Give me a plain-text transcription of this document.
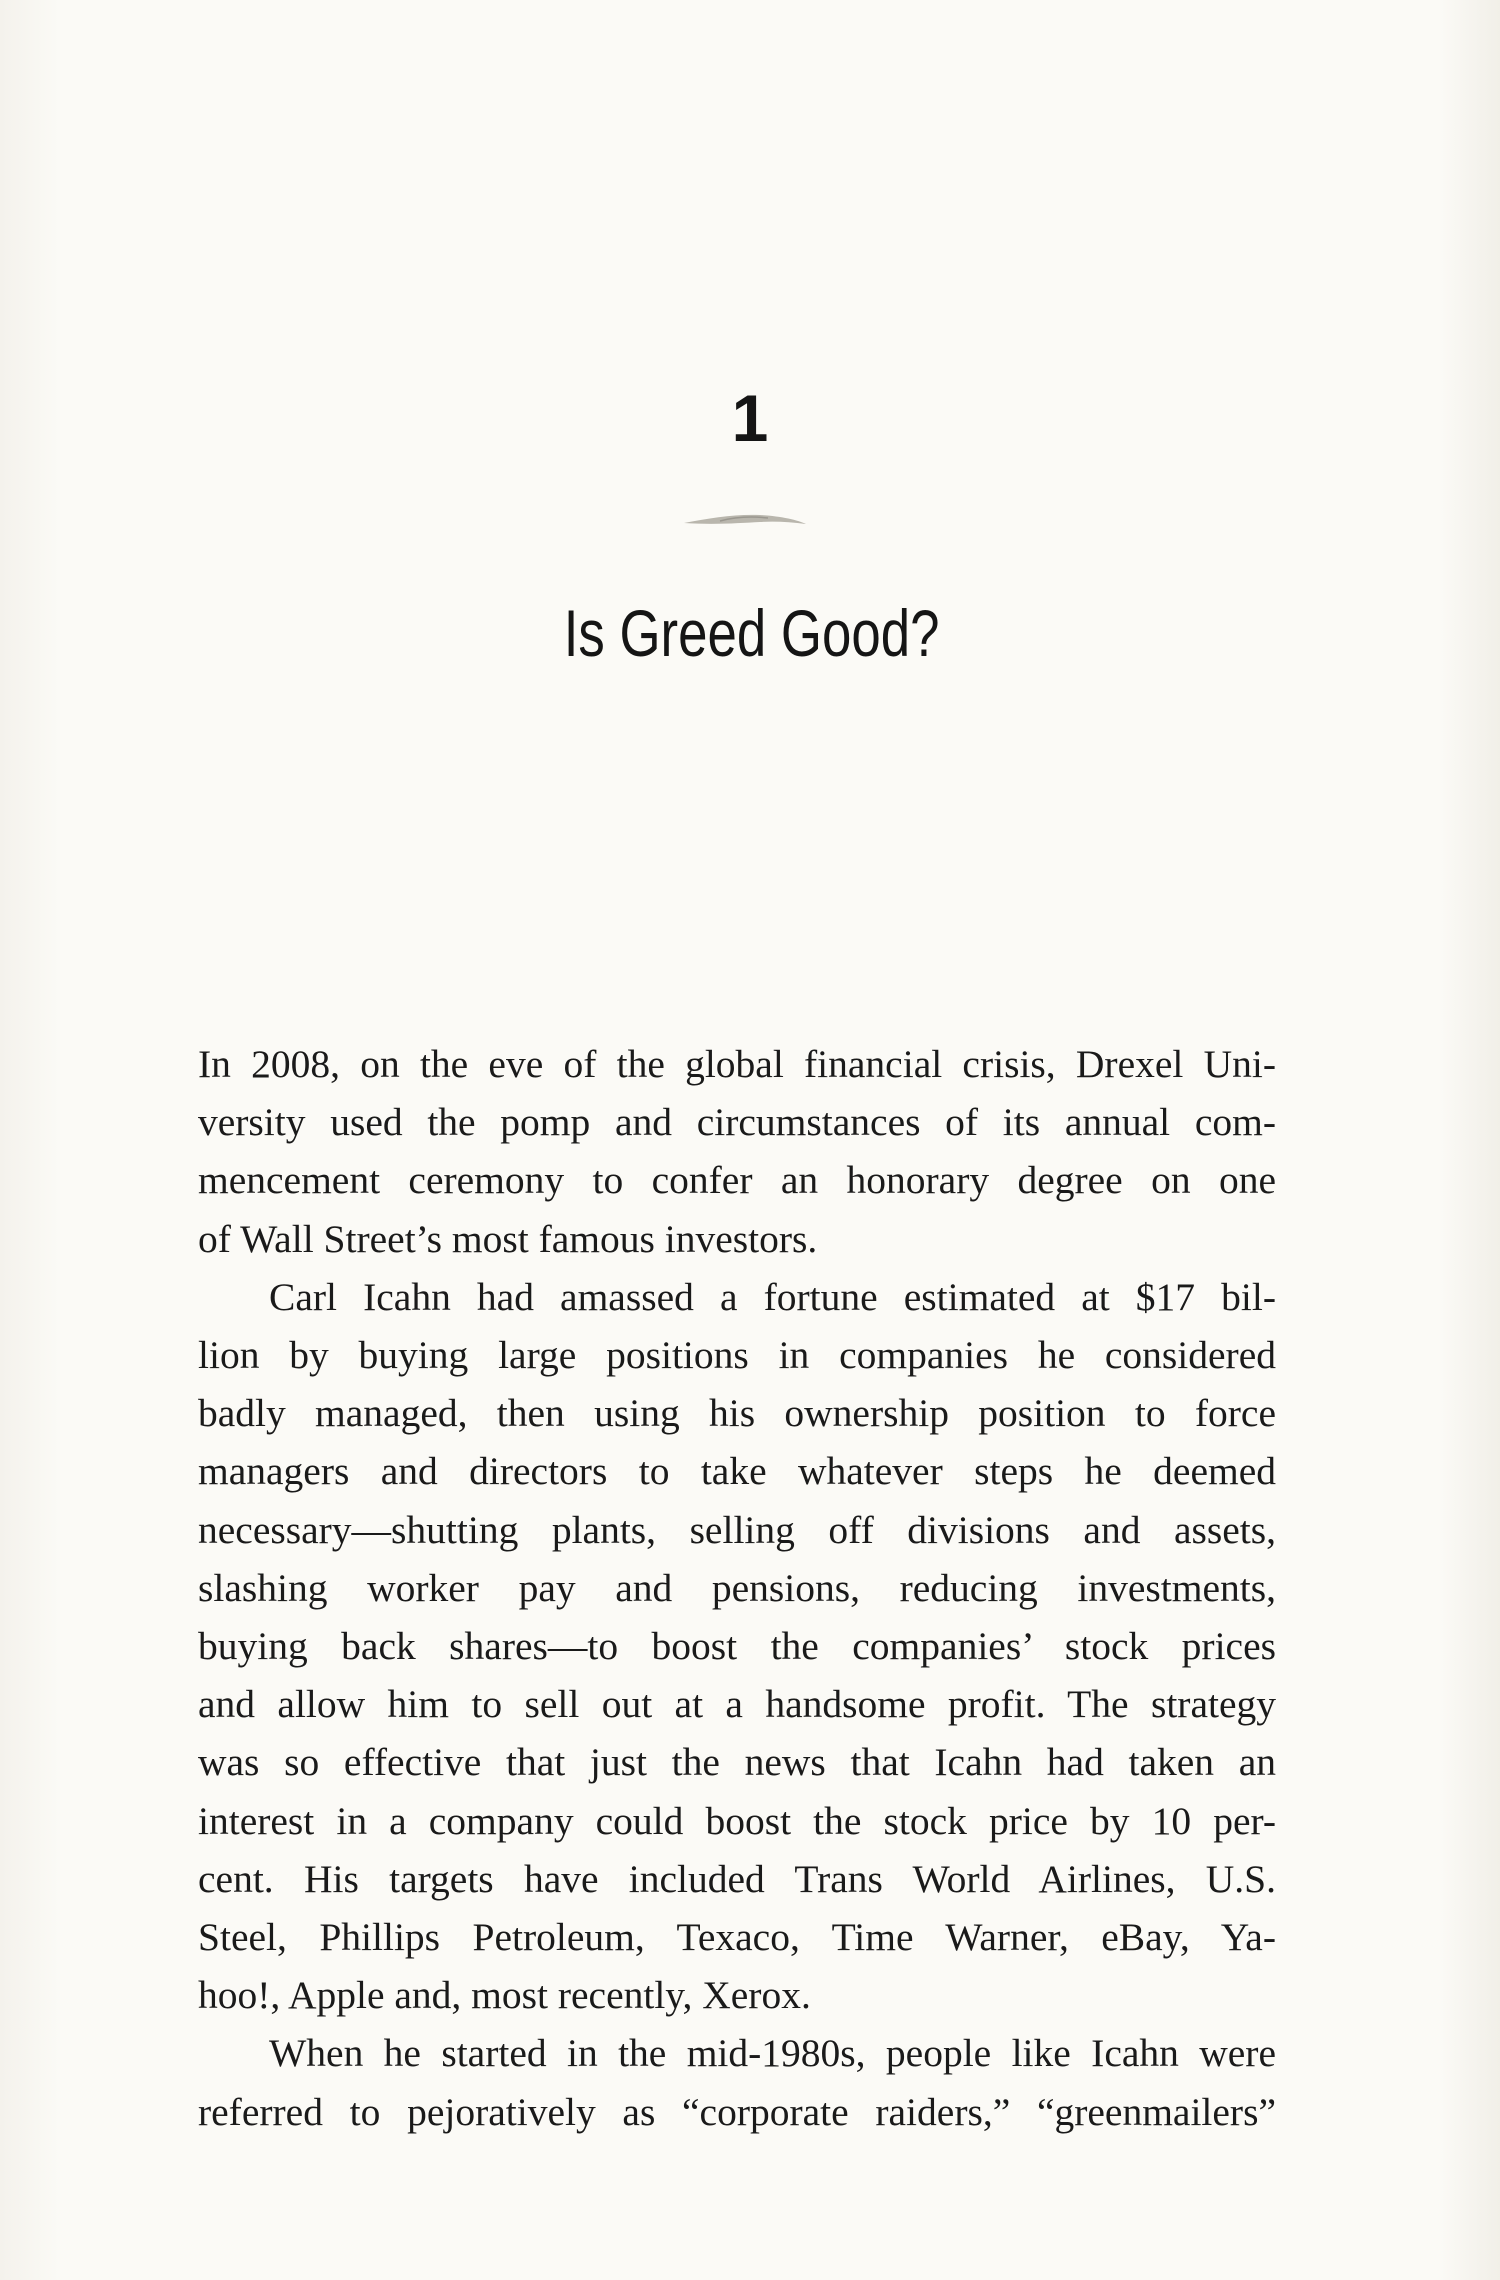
1
Is Greed Good?
In 2008, on the eve of the global financial crisis, Drexel Uni-
versity used the pomp and circumstances of its annual com-
mencement ceremony to confer an honorary degree on one
of Wall Street’s most famous investors.
Carl Icahn had amassed a fortune estimated at $17 bil-
lion by buying large positions in companies he considered
badly managed, then using his ownership position to force
managers and directors to take whatever steps he deemed
necessary—shutting plants, selling off divisions and assets,
slashing worker pay and pensions, reducing investments,
buying back shares—to boost the companies’ stock prices
and allow him to sell out at a handsome profit. The strategy
was so effective that just the news that Icahn had taken an
interest in a company could boost the stock price by 10 per-
cent. His targets have included Trans World Airlines, U.S.
Steel, Phillips Petroleum, Texaco, Time Warner, eBay, Ya-
hoo!, Apple and, most recently, Xerox.
When he started in the mid-1980s, people like Icahn were
referred to pejoratively as “corporate raiders,” “greenmailers”
